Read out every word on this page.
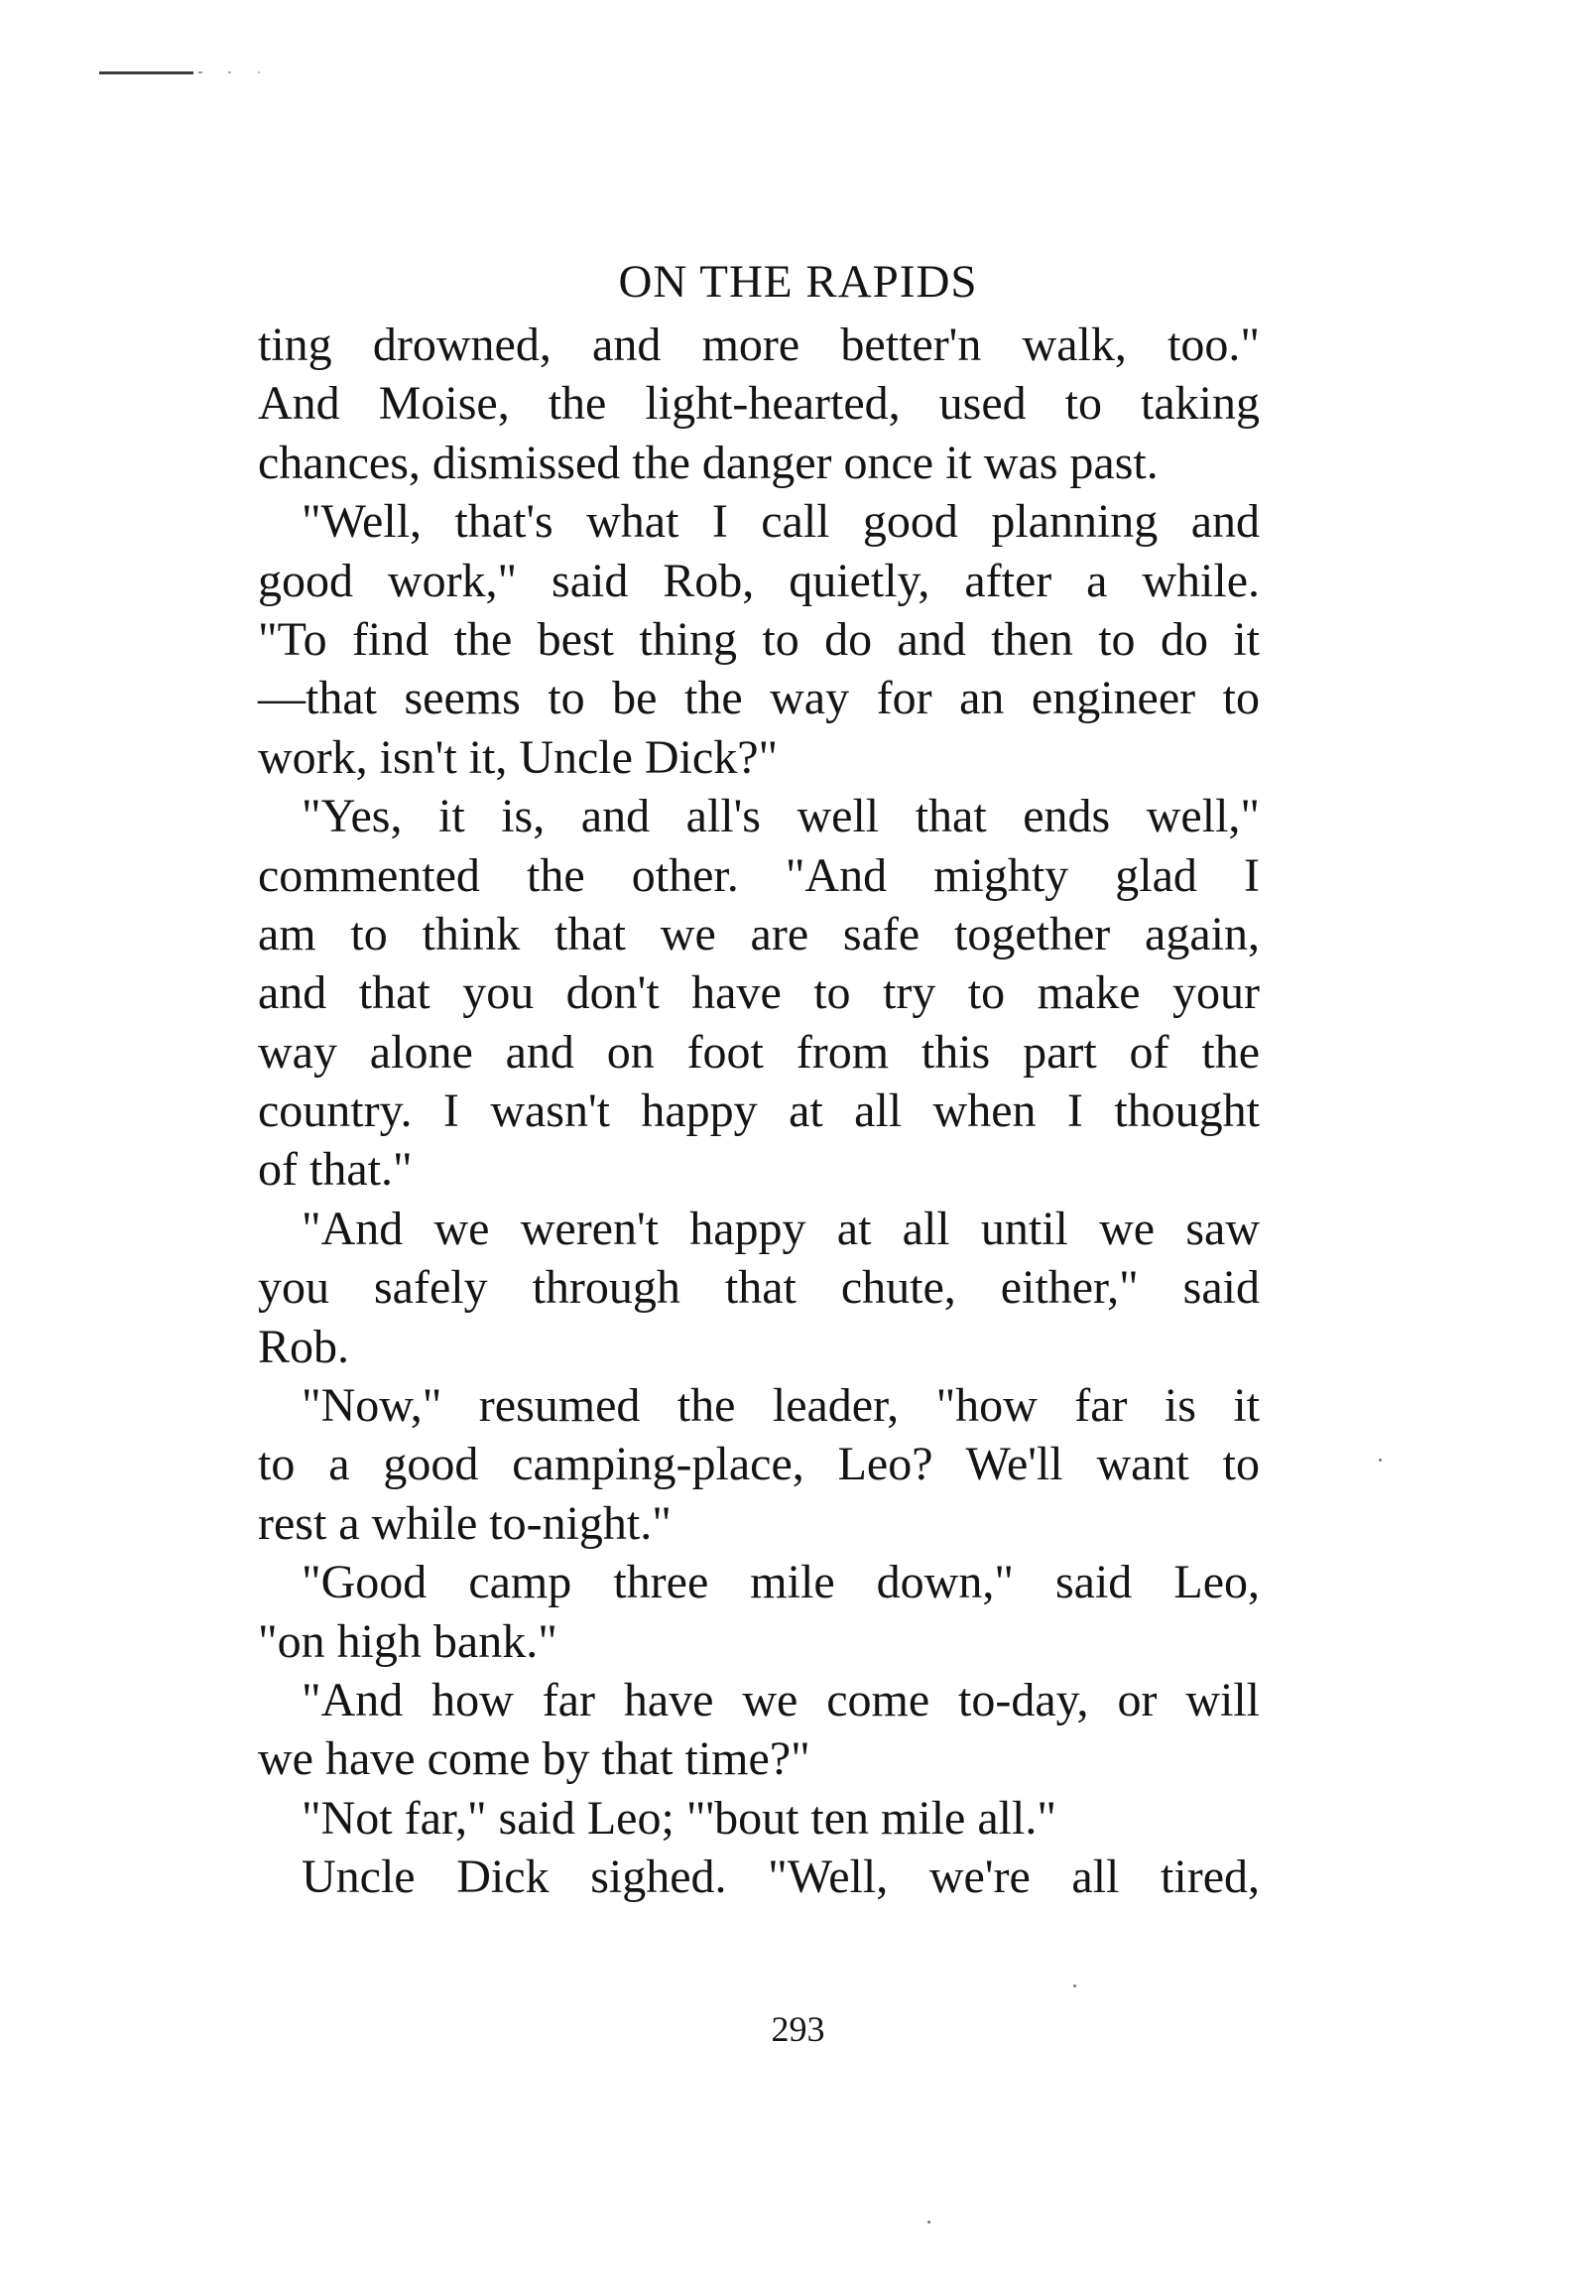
ON THE RAPIDS
ting drowned, and more better'n walk, too."
And Moise, the light-hearted, used to taking
chances, dismissed the danger once it was past.
"Well, that's what I call good planning and
good work," said Rob, quietly, after a while.
"To find the best thing to do and then to do it
—that seems to be the way for an engineer to
work, isn't it, Uncle Dick?"
"Yes, it is, and all's well that ends well,"
commented the other. "And mighty glad I
am to think that we are safe together again,
and that you don't have to try to make your
way alone and on foot from this part of the
country. I wasn't happy at all when I thought
of that."
"And we weren't happy at all until we saw
you safely through that chute, either," said
Rob.
"Now," resumed the leader, "how far is it
to a good camping-place, Leo? We'll want to
rest a while to-night."
"Good camp three mile down," said Leo,
"on high bank."
"And how far have we come to-day, or will
we have come by that time?"
"Not far," said Leo; "'bout ten mile all."
Uncle Dick sighed. "Well, we're all tired,
293
